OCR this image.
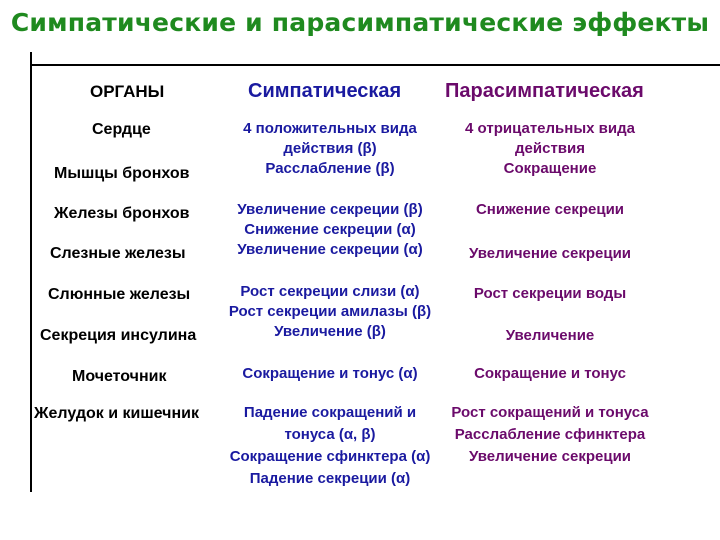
Симпатические и парасимпатические эффекты
ОРГАНЫ	Симпатическая Парасимпатическая
Сердце
Мышцы бронхов
Железы бронхов
Слезные железы
Слюнные железы
Секреция инсулина
Мочеточник
Желудок и кишечник
4 положительных вида
действия (β)
Расслабление (β)
Увеличение секреции (β)
Снижение секреции (α)
Увеличение секреции (α)
Рост секреции слизи (α)
Рост секреции амилазы (β)
Увеличение (β)
Сокращение и тонус (α)
Падение сокращений и
тонуса (α, β)
Сокращение сфинктера (α)
Падение секреции (α)
4 отрицательных вида
действия
Сокращение
Снижение секреции
Увеличение секреции
Рост секреции воды
Увеличение
Сокращение и тонус
Рост сокращений и тонуса
Расслабление сфинктера
Увеличение секреции
